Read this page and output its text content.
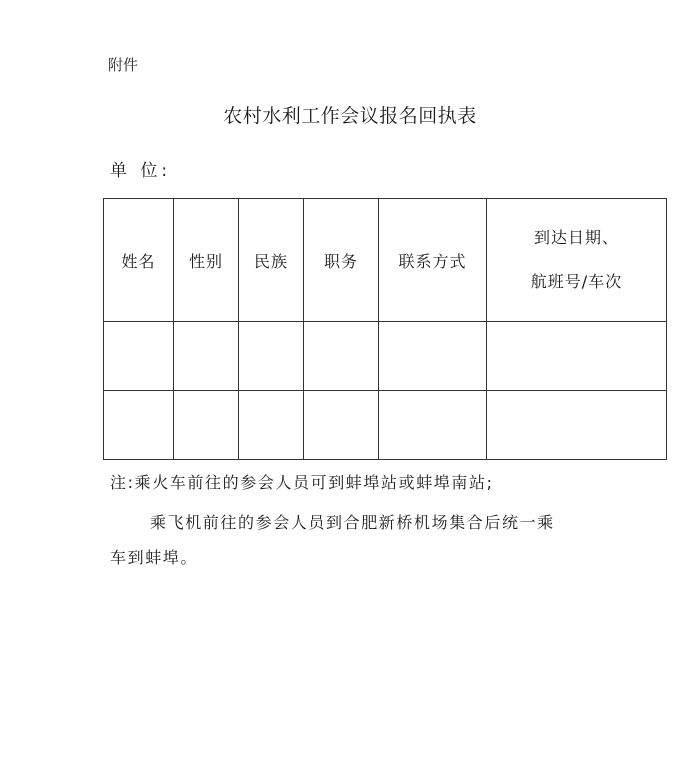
附件
农村水利工作会议报名回执表
单 位:
姓名	性别	民族	职务	联系方式	到达日期、
航班号/车次

注:乘火车前往的参会人员可到蚌埠站或蚌埠南站;
乘飞机前往的参会人员到合肥新桥机场集合后统一乘
车到蚌埠。
